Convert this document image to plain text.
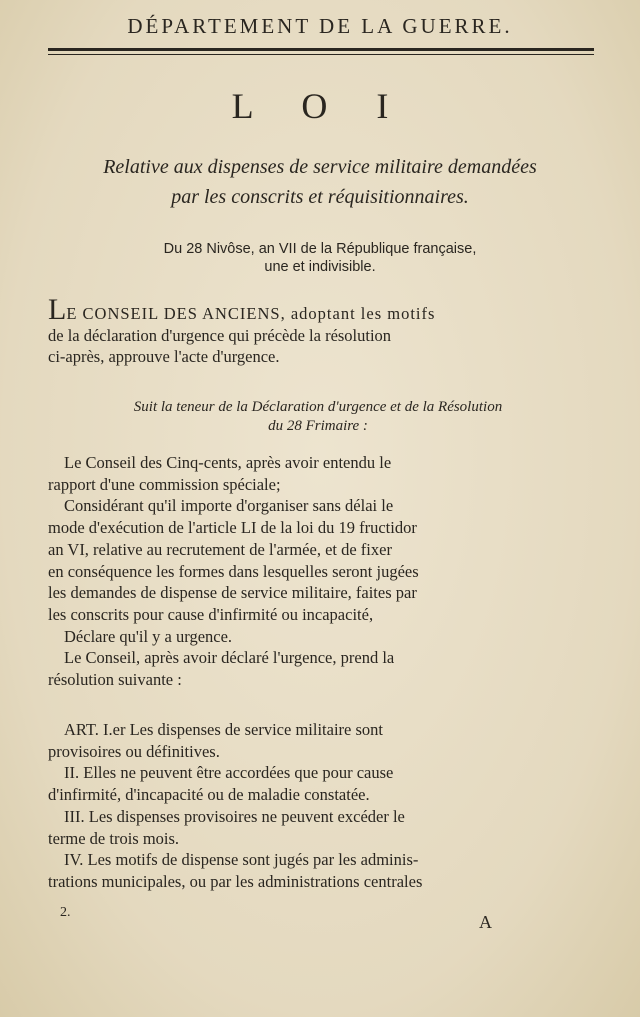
DÉPARTEMENT DE LA GUERRE.
L O I
Relative aux dispenses de service militaire demandées
par les conscrits et réquisitionnaires.
Du 28 Nivôse, an VII de la République française,
une et indivisible.
LE CONSEIL DES ANCIENS, adoptant les motifs
de la déclaration d'urgence qui précède la résolution
ci-après, approuve l'acte d'urgence.
Suit la teneur de la Déclaration d'urgence et de la Résolution
du 28 Frimaire :
Le Conseil des Cinq-cents, après avoir entendu le
rapport d'une commission spéciale;
Considérant qu'il importe d'organiser sans délai le
mode d'exécution de l'article LI de la loi du 19 fructidor
an VI, relative au recrutement de l'armée, et de fixer
en conséquence les formes dans lesquelles seront jugées
les demandes de dispense de service militaire, faites par
les conscrits pour cause d'infirmité ou incapacité,
Déclare qu'il y a urgence.
Le Conseil, après avoir déclaré l'urgence, prend la
résolution suivante :
ART. I.er Les dispenses de service militaire sont
provisoires ou définitives.
II. Elles ne peuvent être accordées que pour cause
d'infirmité, d'incapacité ou de maladie constatée.
III. Les dispenses provisoires ne peuvent excéder le
terme de trois mois.
IV. Les motifs de dispense sont jugés par les adminis-
trations municipales, ou par les administrations centrales
2.	A
